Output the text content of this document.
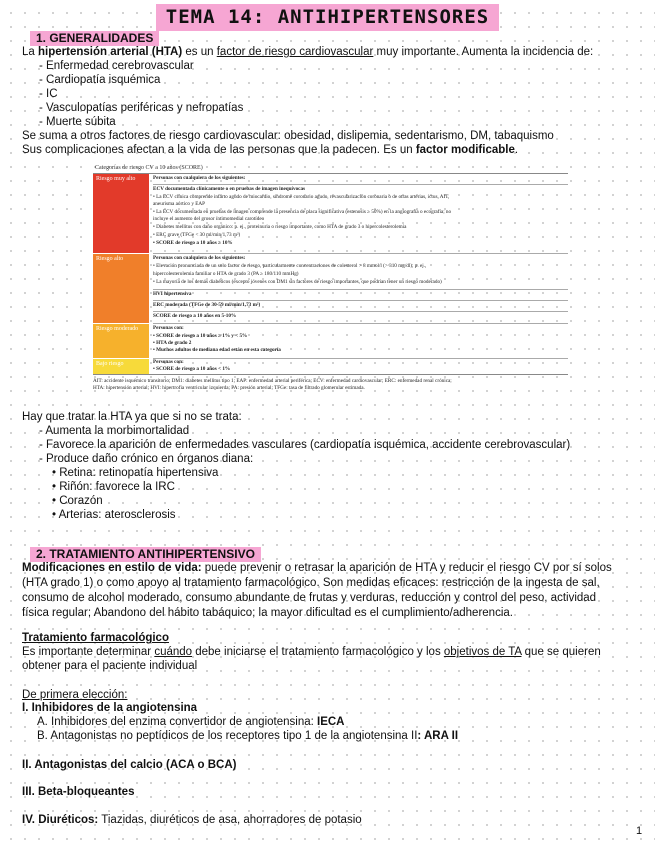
TEMA 14: ANTIHIPERTENSORES
1. GENERALIDADES
La hipertensión arterial (HTA) es un factor de riesgo cardiovascular muy importante. Aumenta la incidencia de:
- Enfermedad cerebrovascular
- Cardiopatía isquémica
- IC
- Vasculopatías periféricas y nefropatías
- Muerte súbita
Se suma a otros factores de riesgo cardiovascular: obesidad, dislipemia, sedentarismo, DM, tabaquismo
Sus complicaciones afectan a la vida de las personas que la padecen. Es un factor modificable.
Categorías de riesgo CV a 10 años (SCORE)
Riesgo muy alto	Personas con cualquiera de los siguientes:
ECV documentada clínicamente o en pruebas de imagen inequívocas
• La ECV clínica comprende infarto agudo de miocardio, síndrome coronario agudo, revascularización coronaria o de otras arterias, ictus, AIT,
aneurisma aórtico y EAP
• La ECV documentada en pruebas de imagen comprende la presencia de placa significativa (estenosis ≥ 50%) en la angiografía o ecografía; no
incluye el aumento del grosor íntimomedial carotídeo
• Diabetes mellitus con daño orgánico: p. ej., proteinuria o riesgo importante, como HTA de grado 3 o hipercolesterolemia
• ERC grave (TFGe < 30 ml/min/1,73 m²)
• SCORE de riesgo a 10 años ≥ 10%
Riesgo alto	Personas con cualquiera de los siguientes:
• Elevación pronunciada de un solo factor de riesgo, particularmente concentraciones de colesterol > 8 mmol/l (> 310 mg/dl); p. ej.,
hipercolesterolemia familiar o HTA de grado 3 (PA ≥ 180/110 mmHg)
• La mayoría de los demás diabéticos (excepto jóvenes con DM1 sin factores de riesgo importantes, que podrían tener un riesgo moderado)
HVI hipertensiva
ERC moderada (TFGe de 30-59 ml/min/1,73 m²)
SCORE de riesgo a 10 años en 5-10%
Riesgo moderado	Personas con:
• SCORE de riesgo a 10 años ≥ 1% y < 5%
• HTA de grado 2
• Muchos adultos de mediana edad están en esta categoría
Bajo riesgo	Personas con:
• SCORE de riesgo a 10 años < 1%
AIT: accidente isquémico transitorio; DM1: diabetes mellitus tipo 1; EAP: enfermedad arterial periférica; ECV: enfermedad cardiovascular; ERC: enfermedad renal crónica;
HTA: hipertensión arterial; HVI: hipertrofia ventricular izquierda; PA: presión arterial; TFGe: tasa de filtrado glomerular estimada.
Hay que tratar la HTA ya que si no se trata:
- Aumenta la morbimortalidad
- Favorece la aparición de enfermedades vasculares (cardiopatía isquémica, accidente cerebrovascular)
- Produce daño crónico en órganos diana:
• Retina: retinopatía hipertensiva
• Riñón: favorece la IRC
• Corazón
• Arterias: aterosclerosis
2. TRATAMIENTO ANTIHIPERTENSIVO
Modificaciones en estilo de vida: puede prevenir o retrasar la aparición de HTA y reducir el riesgo CV por sí solos
(HTA grado 1) o como apoyo al tratamiento farmacológico. Son medidas eficaces: restricción de la ingesta de sal,
consumo de alcohol moderado, consumo abundante de frutas y verduras, reducción y control del peso, actividad
física regular; Abandono del hábito tabáquico; la mayor dificultad es el cumplimiento/adherencia.
Tratamiento farmacológico
Es importante determinar cuándo debe iniciarse el tratamiento farmacológico y los objetivos de TA que se quieren
obtener para el paciente individual
De primera elección:
I. Inhibidores de la angiotensina
A. Inhibidores del enzima convertidor de angiotensina: IECA
B. Antagonistas no peptídicos de los receptores tipo 1 de la angiotensina II: ARA II
II. Antagonistas del calcio (ACA o BCA)
III. Beta-bloqueantes
IV. Diuréticos: Tiazidas, diuréticos de asa, ahorradores de potasio
1
